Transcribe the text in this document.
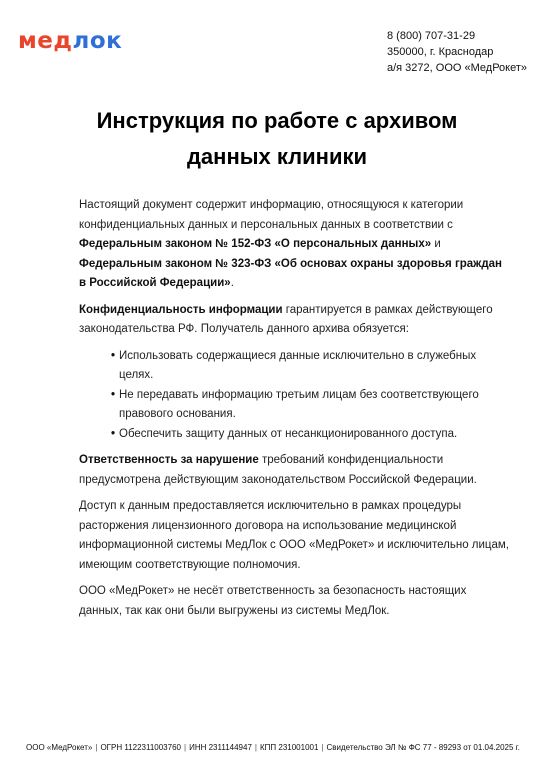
медлок	8 (800) 707-31-29
350000, г. Краснодар
а/я 3272, ООО «МедРокет»
Инструкция по работе с архивом данных клиники

Настоящий документ содержит информацию, относящуюся к категории конфиденциальных данных и персональных данных в соответствии с Федеральным законом № 152-ФЗ «О персональных данных» и Федеральным законом № 323-ФЗ «Об основах охраны здоровья граждан в Российской Федерации».

Конфиденциальность информации гарантируется в рамках действующего законодательства РФ. Получатель данного архива обязуется:

• Использовать содержащиеся данные исключительно в служебных целях.
• Не передавать информацию третьим лицам без соответствующего правового основания.
• Обеспечить защиту данных от несанкционированного доступа.

Ответственность за нарушение требований конфиденциальности предусмотрена действующим законодательством Российской Федерации.

Доступ к данным предоставляется исключительно в рамках процедуры расторжения лицензионного договора на использование медицинской информационной системы МедЛок с ООО «МедРокет» и исключительно лицам, имеющим соответствующие полномочия.

ООО «МедРокет» не несёт ответственность за безопасность настоящих данных, так как они были выгружены из системы МедЛок.

ООО «МедРокет» | ОГРН 1122311003760 | ИНН 2311144947 | КПП 231001001 | Свидетельство ЭЛ № ФС 77 - 89293 от 01.04.2025 г.
